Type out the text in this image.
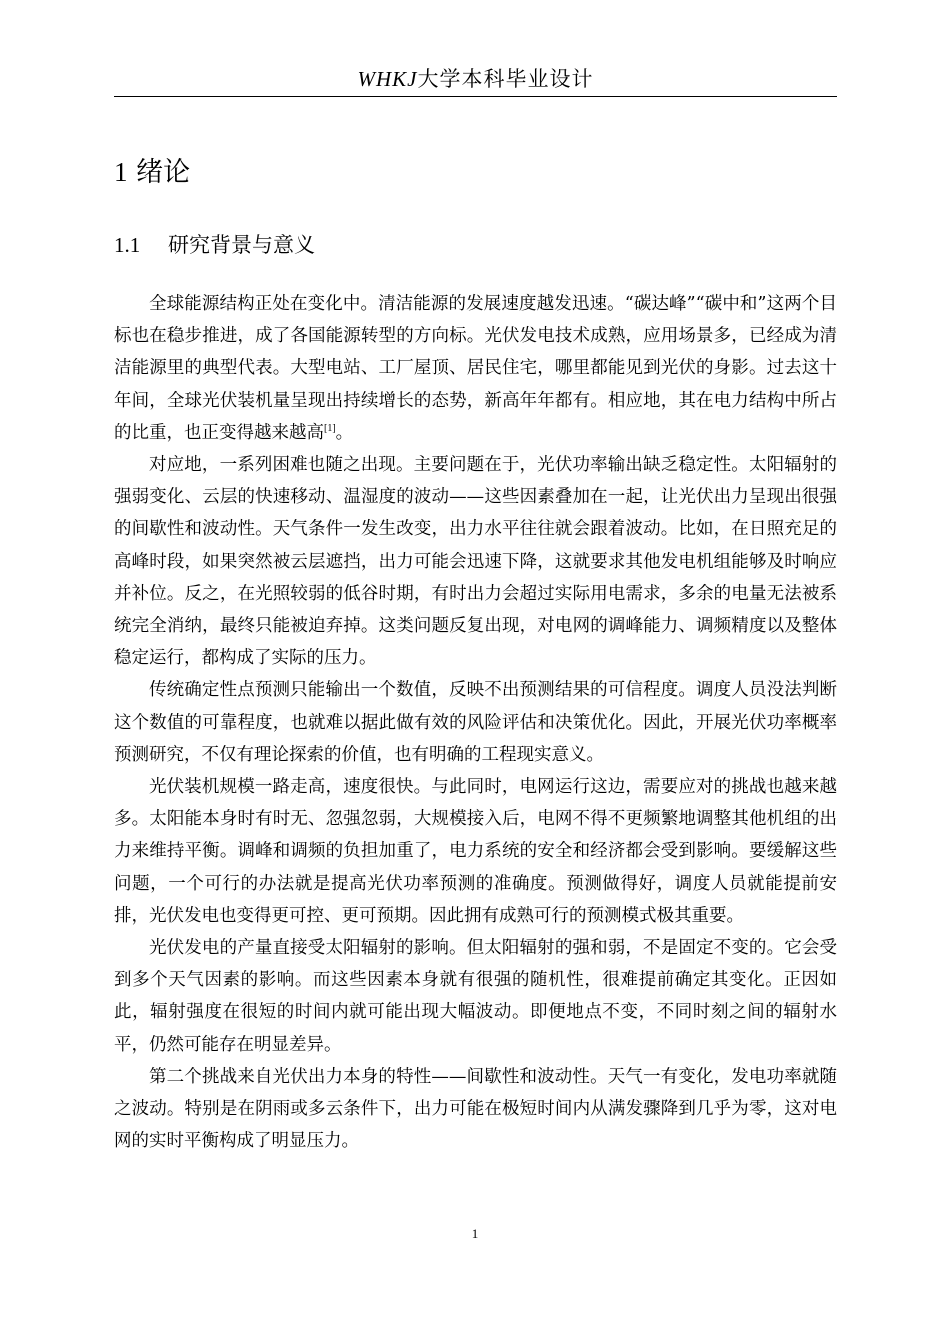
WHKJ大学本科毕业设计
1 绪论
1.1 研究背景与意义

全球能源结构正处在变化中。清洁能源的发展速度越发迅速。“碳达峰”“碳中和”这两个目标也在稳步推进，成了各国能源转型的方向标。光伏发电技术成熟，应用场景多，已经成为清洁能源里的典型代表。大型电站、工厂屋顶、居民住宅，哪里都能见到光伏的身影。过去这十年间，全球光伏装机量呈现出持续增长的态势，新高年年都有。相应地，其在电力结构中所占的比重，也正变得越来越高[1]。

对应地，一系列困难也随之出现。主要问题在于，光伏功率输出缺乏稳定性。太阳辐射的强弱变化、云层的快速移动、温湿度的波动——这些因素叠加在一起，让光伏出力呈现出很强的间歇性和波动性。天气条件一发生改变，出力水平往往就会跟着波动。比如，在日照充足的高峰时段，如果突然被云层遮挡，出力可能会迅速下降，这就要求其他发电机组能够及时响应并补位。反之，在光照较弱的低谷时期，有时出力会超过实际用电需求，多余的电量无法被系统完全消纳，最终只能被迫弃掉。这类问题反复出现，对电网的调峰能力、调频精度以及整体稳定运行，都构成了实际的压力。

传统确定性点预测只能输出一个数值，反映不出预测结果的可信程度。调度人员没法判断这个数值的可靠程度，也就难以据此做有效的风险评估和决策优化。因此，开展光伏功率概率预测研究，不仅有理论探索的价值，也有明确的工程现实意义。

光伏装机规模一路走高，速度很快。与此同时，电网运行这边，需要应对的挑战也越来越多。太阳能本身时有时无、忽强忽弱，大规模接入后，电网不得不更频繁地调整其他机组的出力来维持平衡。调峰和调频的负担加重了，电力系统的安全和经济都会受到影响。要缓解这些问题，一个可行的办法就是提高光伏功率预测的准确度。预测做得好，调度人员就能提前安排，光伏发电也变得更可控、更可预期。因此拥有成熟可行的预测模式极其重要。

光伏发电的产量直接受太阳辐射的影响。但太阳辐射的强和弱，不是固定不变的。它会受到多个天气因素的影响。而这些因素本身就有很强的随机性，很难提前确定其变化。正因如此，辐射强度在很短的时间内就可能出现大幅波动。即便地点不变，不同时刻之间的辐射水平，仍然可能存在明显差异。

第二个挑战来自光伏出力本身的特性——间歇性和波动性。天气一有变化，发电功率就随之波动。特别是在阴雨或多云条件下，出力可能在极短时间内从满发骤降到几乎为零，这对电网的实时平衡构成了明显压力。

1
